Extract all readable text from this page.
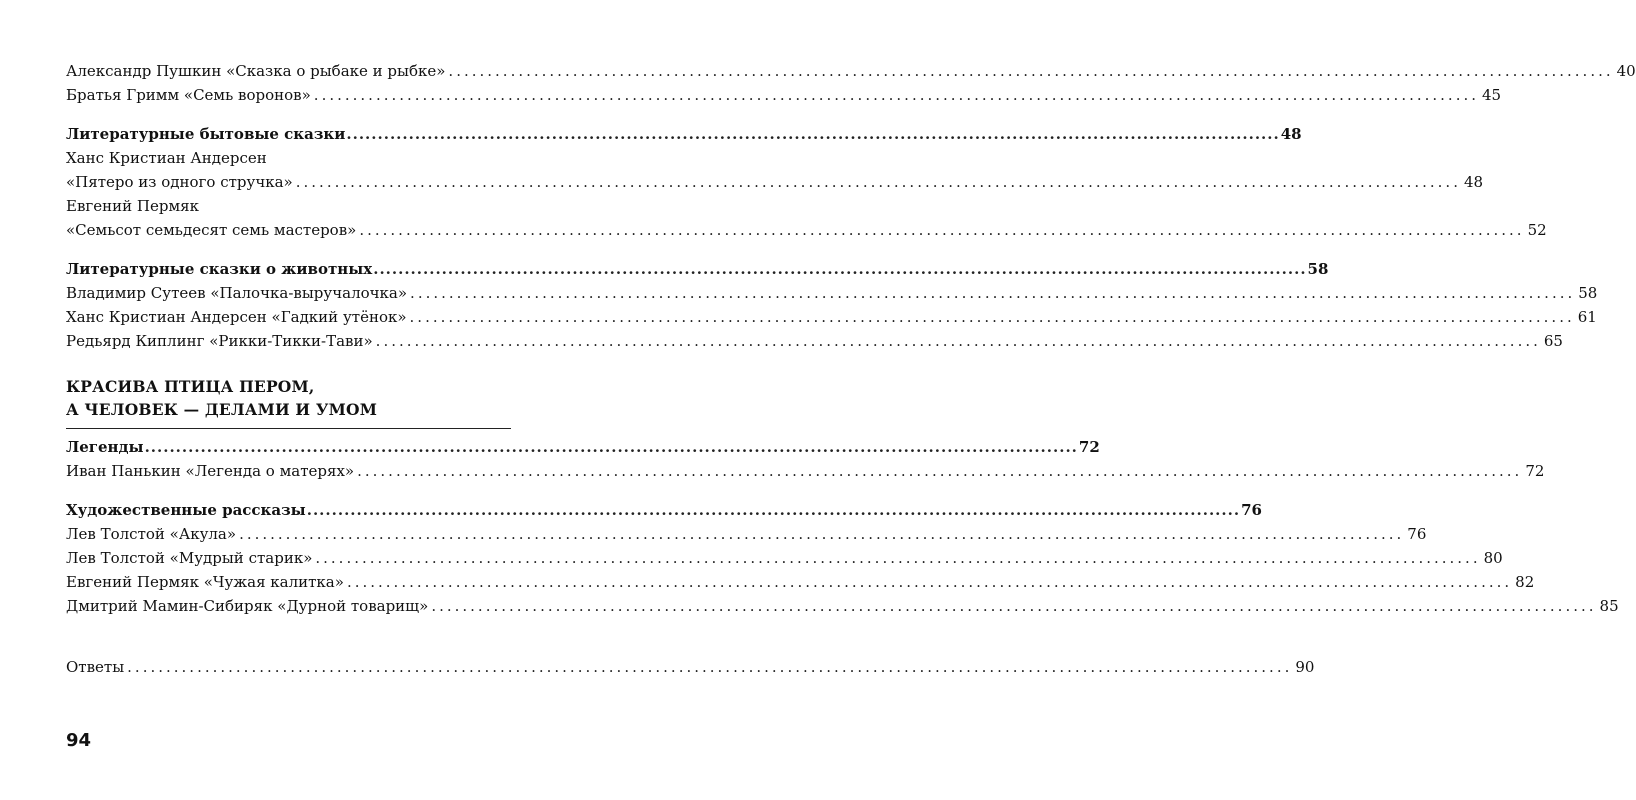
Александр Пушкин «Сказка о рыбаке и рыбке» .....	40
Братья Гримм «Семь воронов» .....	45
Литературные бытовые сказки .....	48
Ханс Кристиан Андерсен
«Пятеро из одного стручка» .....	48
Евгений Пермяк
«Семьсот семьдесят семь мастеров» .....	52
Литературные сказки о животных .....	58
Владимир Сутеев «Палочка-выручалочка» .....	58
Ханс Кристиан Андерсен «Гадкий утёнок» .....	61
Редьярд Киплинг «Рикки-Тикки-Тави» .....	65
КРАСИВА ПТИЦА ПЕРОМ,
А ЧЕЛОВЕК — ДЕЛАМИ И УМОМ
Легенды .....	72
Иван Панькин «Легенда о матерях» .....	72
Художественные рассказы .....	76
Лев Толстой «Акула» .....	76
Лев Толстой «Мудрый старик» .....	80
Евгений Пермяк «Чужая калитка» .....	82
Дмитрий Мамин-Сибиряк «Дурной товарищ» .....	85
Ответы .....	90
94
